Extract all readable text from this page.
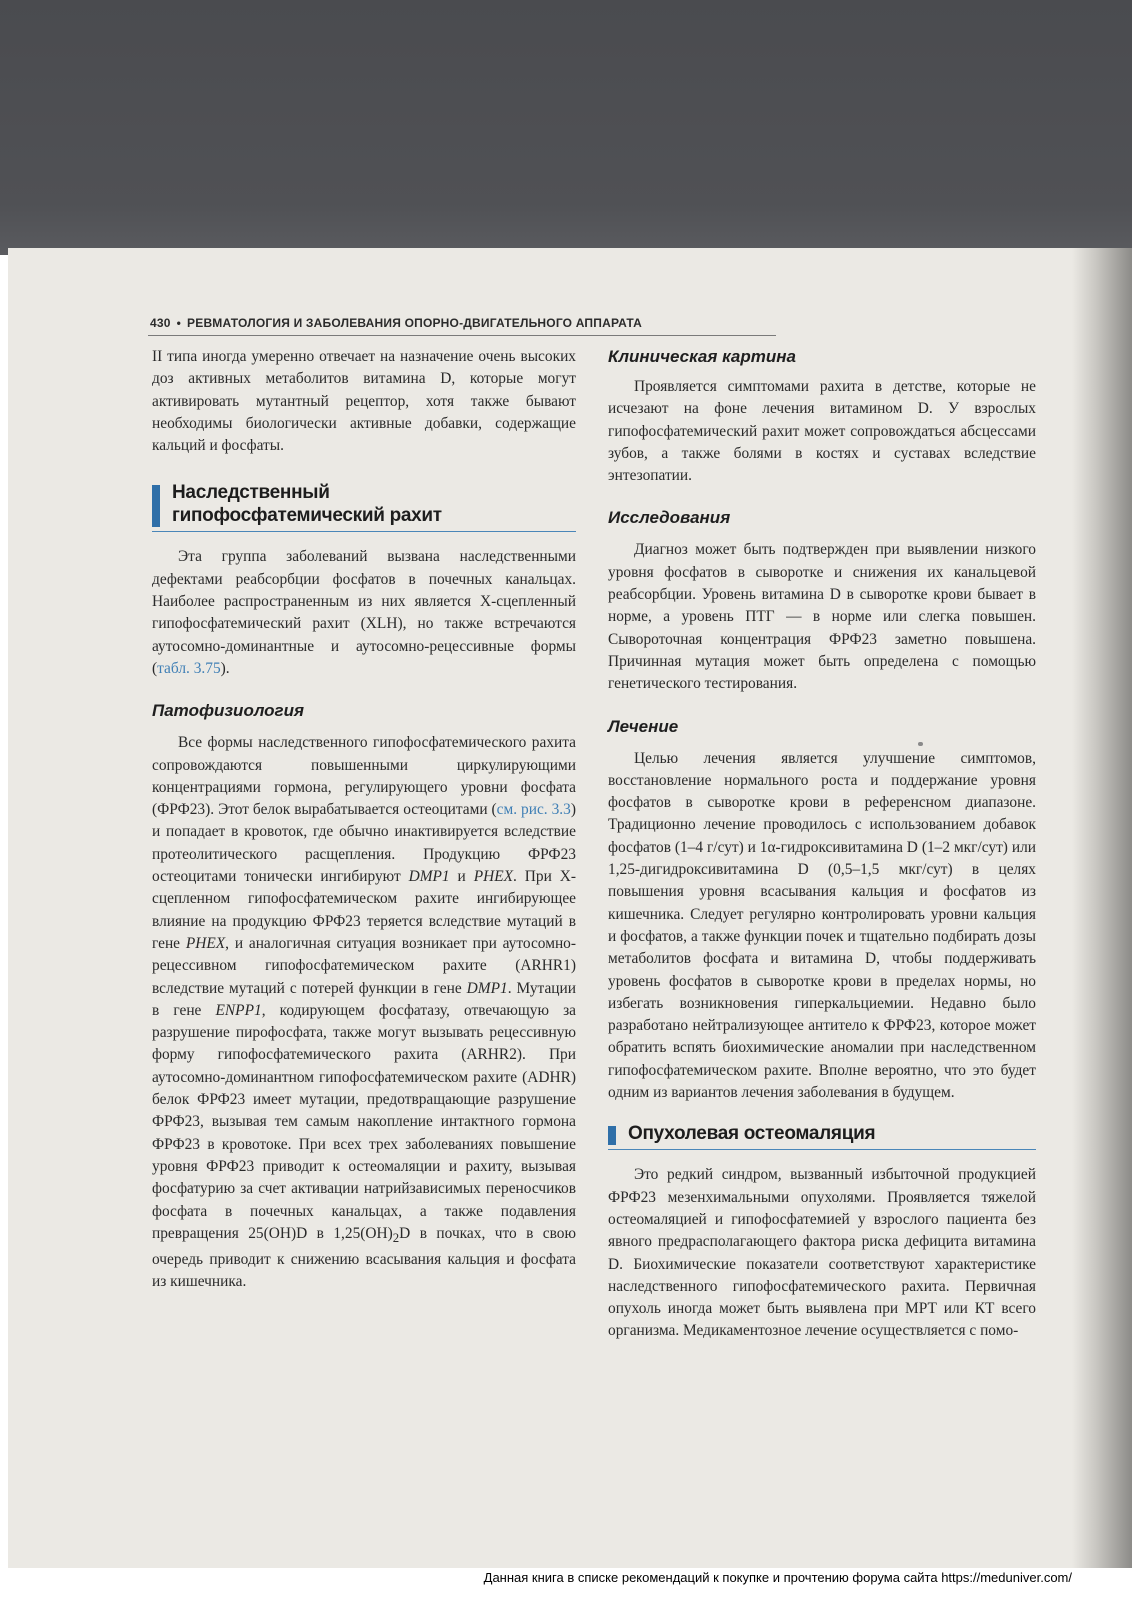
430 • РЕВМАТОЛОГИЯ И ЗАБОЛЕВАНИЯ ОПОРНО-ДВИГАТЕЛЬНОГО АППАРАТА

II типа иногда умеренно отвечает на назначение очень высоких доз активных метаболитов витамина D, которые могут активировать мутантный рецептор, хотя также бывают необходимы биологически активные добавки, содержащие кальций и фосфаты.

Наследственный
гипофосфатемический рахит

Эта группа заболеваний вызвана наследственными дефектами реабсорбции фосфатов в почечных канальцах. Наиболее распространенным из них является Х-сцепленный гипофосфатемический рахит (XLH), но также встречаются аутосомно-доминантные и аутосомно-рецессивные формы (табл. 3.75).

Патофизиология

Все формы наследственного гипофосфатемического рахита сопровождаются повышенными циркулирующими концентрациями гормона, регулирующего уровни фосфата (ФРФ23). Этот белок вырабатывается остеоцитами (см. рис. 3.3) и попадает в кровоток, где обычно инактивируется вследствие протеолитического расщепления. Продукцию ФРФ23 остеоцитами тонически ингибируют DMP1 и PHEX. При Х-сцепленном гипофосфатемическом рахите ингибирующее влияние на продукцию ФРФ23 теряется вследствие мутаций в гене PHEX, и аналогичная ситуация возникает при аутосомно-рецессивном гипофосфатемическом рахите (ARHR1) вследствие мутаций с потерей функции в гене DMP1. Мутации в гене ENPP1, кодирующем фосфатазу, отвечающую за разрушение пирофосфата, также могут вызывать рецессивную форму гипофосфатемического рахита (ARHR2). При аутосомно-доминантном гипофосфатемическом рахите (ADHR) белок ФРФ23 имеет мутации, предотвращающие разрушение ФРФ23, вызывая тем самым накопление интактного гормона ФРФ23 в кровотоке. При всех трех заболеваниях повышение уровня ФРФ23 приводит к остеомаляции и рахиту, вызывая фосфатурию за счет активации натрийзависимых переносчиков фосфата в почечных канальцах, а также подавления превращения 25(OH)D в $1,25(OH)_2D$ в почках, что в свою очередь приводит к снижению всасывания кальция и фосфата из кишечника.

Клиническая картина

Проявляется симптомами рахита в детстве, которые не исчезают на фоне лечения витамином D. У взрослых гипофосфатемический рахит может сопровождаться абсцессами зубов, а также болями в костях и суставах вследствие энтезопатии.

Исследования

Диагноз может быть подтвержден при выявлении низкого уровня фосфатов в сыворотке и снижения их канальцевой реабсорбции. Уровень витамина D в сыворотке крови бывает в норме, а уровень ПТГ — в норме или слегка повышен. Сывороточная концентрация ФРФ23 заметно повышена. Причинная мутация может быть определена с помощью генетического тестирования.

Лечение

Целью лечения является улучшение симптомов, восстановление нормального роста и поддержание уровня фосфатов в сыворотке крови в референсном диапазоне. Традиционно лечение проводилось с использованием добавок фосфатов (1–4 г/сут) и 1α-гидроксивитамина D (1–2 мкг/сут) или 1,25-дигидроксивитамина D (0,5–1,5 мкг/сут) в целях повышения уровня всасывания кальция и фосфатов из кишечника. Следует регулярно контролировать уровни кальция и фосфатов, а также функции почек и тщательно подбирать дозы метаболитов фосфата и витамина D, чтобы поддерживать уровень фосфатов в сыворотке крови в пределах нормы, но избегать возникновения гиперкальциемии. Недавно было разработано нейтрализующее антитело к ФРФ23, которое может обратить вспять биохимические аномалии при наследственном гипофосфатемическом рахите. Вполне вероятно, что это будет одним из вариантов лечения заболевания в будущем.

Опухолевая остеомаляция

Это редкий синдром, вызванный избыточной продукцией ФРФ23 мезенхимальными опухолями. Проявляется тяжелой остеомаляцией и гипофосфатемией у взрослого пациента без явного предрасполагающего фактора риска дефицита витамина D. Биохимические показатели соответствуют характеристике наследственного гипофосфатемического рахита. Первичная опухоль иногда может быть выявлена при МРТ или КТ всего организма. Медикаментозное лечение осуществляется с помо-

Данная книга в списке рекомендаций к покупке и прочтению форума сайта https://meduniver.com/
